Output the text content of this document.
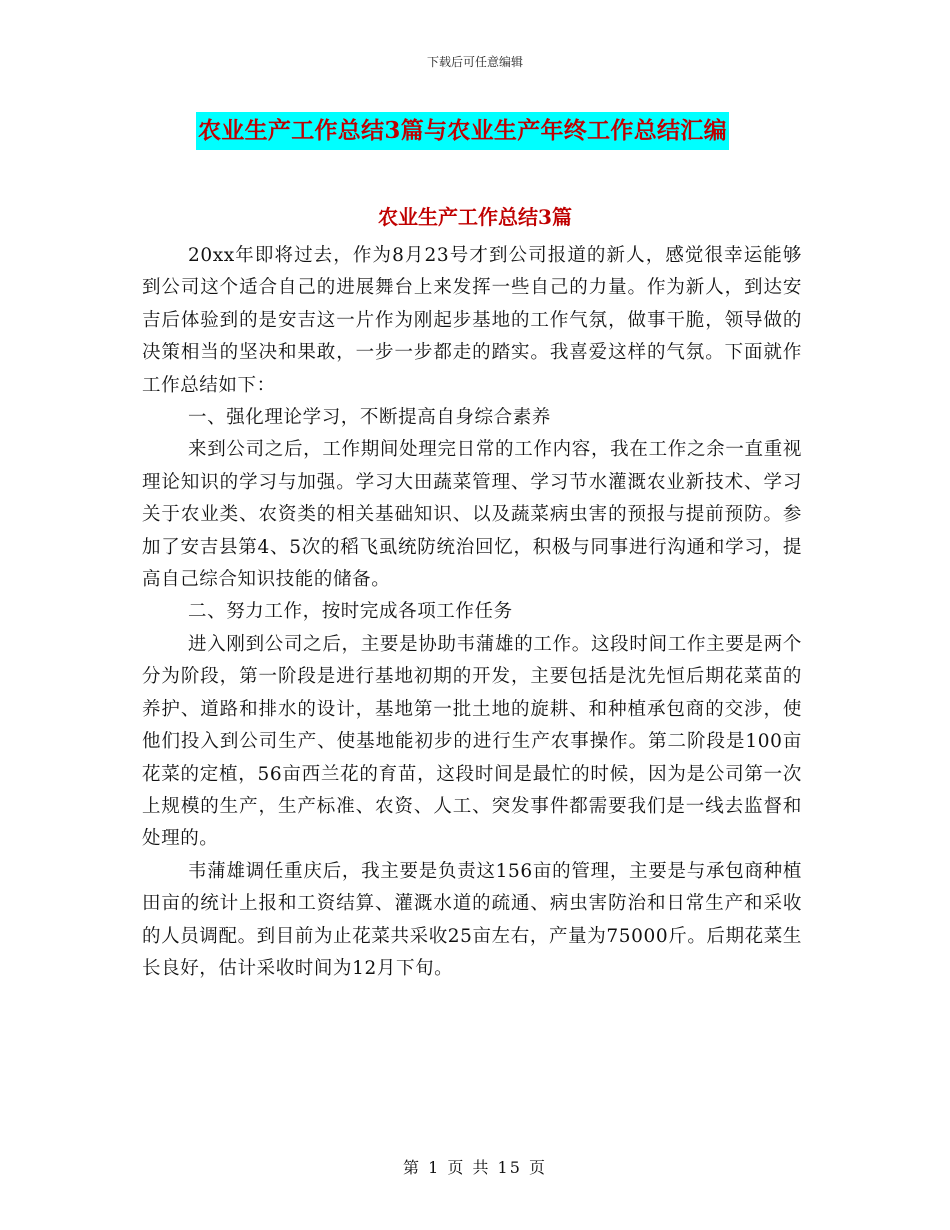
下载后可任意编辑
农业生产工作总结3篇与农业生产年终工作总结汇编
农业生产工作总结3篇

20xx年即将过去，作为8月23号才到公司报道的新人，感觉很幸运能够到公司这个适合自己的进展舞台上来发挥一些自己的力量。作为新人，到达安吉后体验到的是安吉这一片作为刚起步基地的工作气氛，做事干脆，领导做的决策相当的坚决和果敢，一步一步都走的踏实。我喜爱这样的气氛。下面就作工作总结如下：

一、强化理论学习，不断提高自身综合素养

来到公司之后，工作期间处理完日常的工作内容，我在工作之余一直重视理论知识的学习与加强。学习大田蔬菜管理、学习节水灌溉农业新技术、学习关于农业类、农资类的相关基础知识、以及蔬菜病虫害的预报与提前预防。参加了安吉县第4、5次的稻飞虱统防统治回忆，积极与同事进行沟通和学习，提高自己综合知识技能的储备。

二、努力工作，按时完成各项工作任务

进入刚到公司之后，主要是协助韦蒲雄的工作。这段时间工作主要是两个分为阶段，第一阶段是进行基地初期的开发，主要包括是沈先恒后期花菜苗的养护、道路和排水的设计，基地第一批土地的旋耕、和种植承包商的交涉，使他们投入到公司生产、使基地能初步的进行生产农事操作。第二阶段是100亩花菜的定植，56亩西兰花的育苗，这段时间是最忙的时候，因为是公司第一次上规模的生产，生产标准、农资、人工、突发事件都需要我们是一线去监督和处理的。

韦蒲雄调任重庆后，我主要是负责这156亩的管理，主要是与承包商种植田亩的统计上报和工资结算、灌溉水道的疏通、病虫害防治和日常生产和采收的人员调配。到目前为止花菜共采收25亩左右，产量为75000斤。后期花菜生长良好，估计采收时间为12月下旬。

第 1 页 共 15 页
